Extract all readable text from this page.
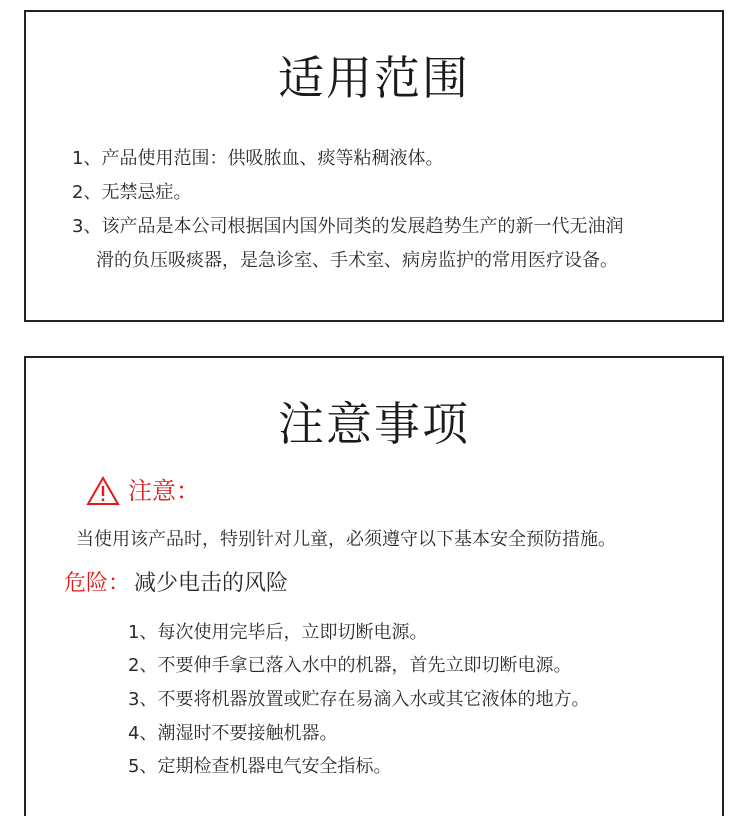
适用范围
1、产品使用范围：供吸脓血、痰等粘稠液体。
2、无禁忌症。
3、该产品是本公司根据国内国外同类的发展趋势生产的新一代无油润
滑的负压吸痰器，是急诊室、手术室、病房监护的常用医疗设备。
注意事项
注意：
当使用该产品时，特别针对儿童，必须遵守以下基本安全预防措施。
危险： 减少电击的风险
1、每次使用完毕后，立即切断电源。
2、不要伸手拿已落入水中的机器，首先立即切断电源。
3、不要将机器放置或贮存在易滴入水或其它液体的地方。
4、潮湿时不要接触机器。
5、定期检查机器电气安全指标。
